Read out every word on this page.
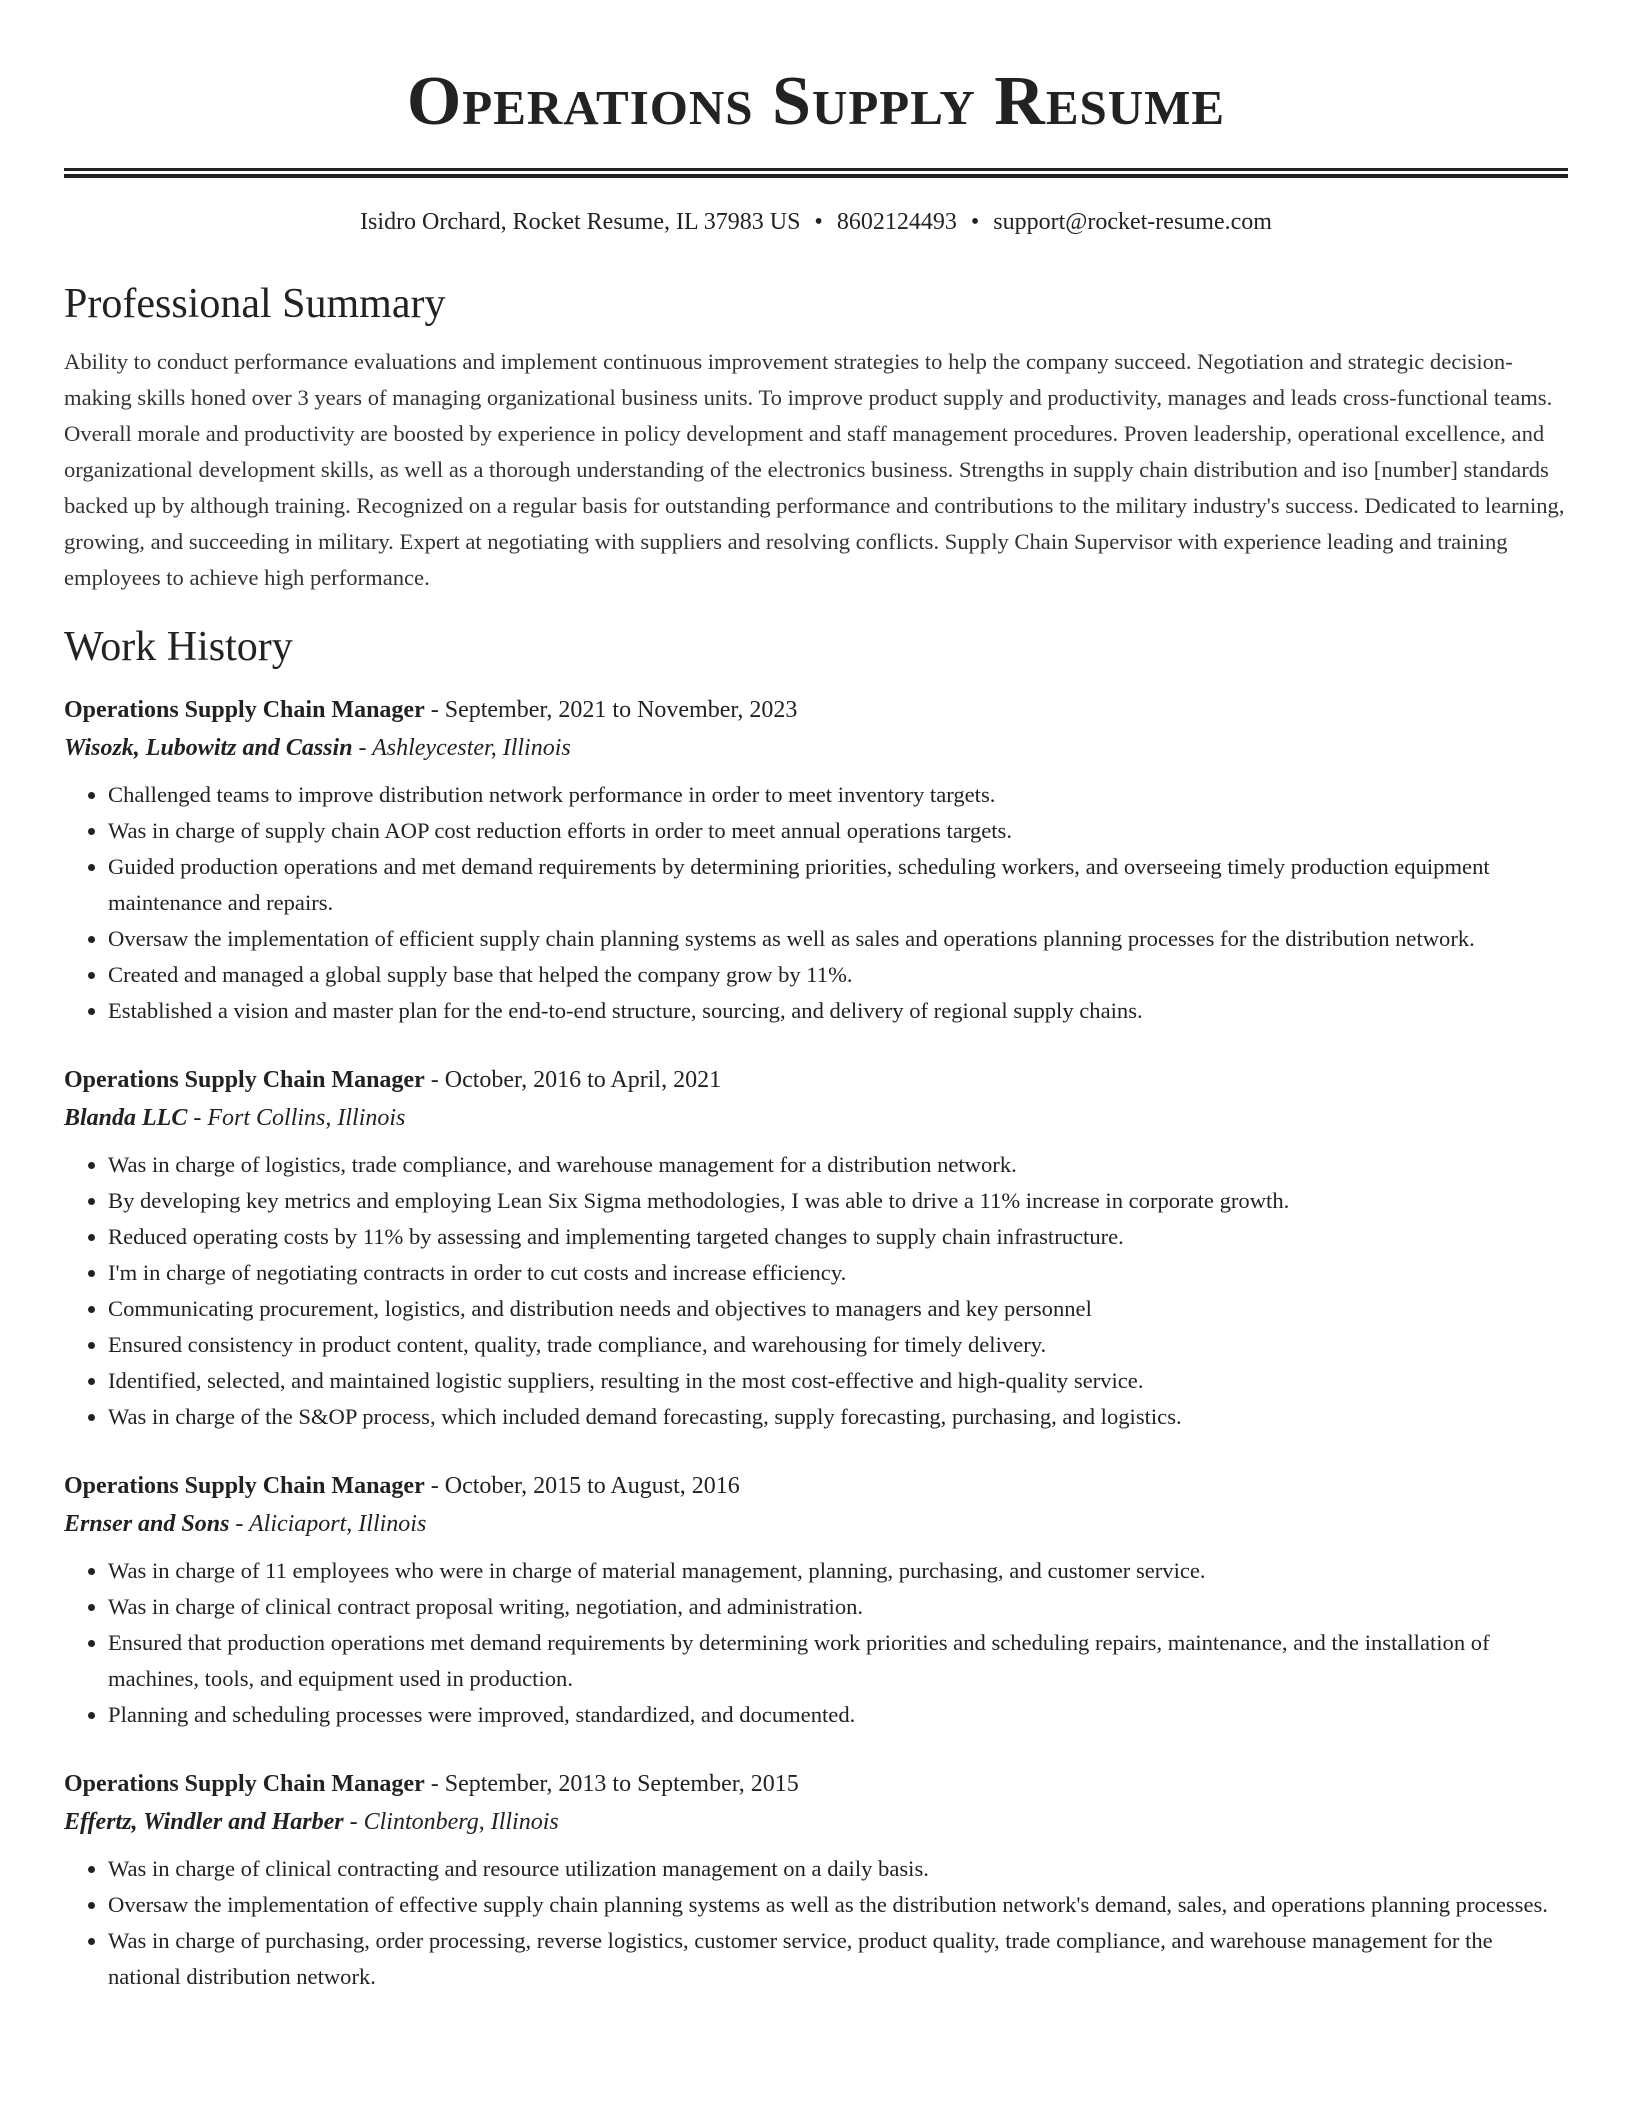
Operations Supply Resume
Isidro Orchard, Rocket Resume, IL 37983 US • 8602124493 • support@rocket-resume.com
Professional Summary

Ability to conduct performance evaluations and implement continuous improvement strategies to help the company succeed. Negotiation and strategic decision-making skills honed over 3 years of managing organizational business units. To improve product supply and productivity, manages and leads cross-functional teams. Overall morale and productivity are boosted by experience in policy development and staff management procedures. Proven leadership, operational excellence, and organizational development skills, as well as a thorough understanding of the electronics business. Strengths in supply chain distribution and iso [number] standards backed up by although training. Recognized on a regular basis for outstanding performance and contributions to the military industry's success. Dedicated to learning, growing, and succeeding in military. Expert at negotiating with suppliers and resolving conflicts. Supply Chain Supervisor with experience leading and training employees to achieve high performance.

Work History
Operations Supply Chain Manager - September, 2021 to November, 2023
Wisozk, Lubowitz and Cassin - Ashleycester, Illinois
• Challenged teams to improve distribution network performance in order to meet inventory targets.
• Was in charge of supply chain AOP cost reduction efforts in order to meet annual operations targets.
• Guided production operations and met demand requirements by determining priorities, scheduling workers, and overseeing timely production equipment maintenance and repairs.
• Oversaw the implementation of efficient supply chain planning systems as well as sales and operations planning processes for the distribution network.
• Created and managed a global supply base that helped the company grow by 11%.
• Established a vision and master plan for the end-to-end structure, sourcing, and delivery of regional supply chains.
Operations Supply Chain Manager - October, 2016 to April, 2021
Blanda LLC - Fort Collins, Illinois
• Was in charge of logistics, trade compliance, and warehouse management for a distribution network.
• By developing key metrics and employing Lean Six Sigma methodologies, I was able to drive a 11% increase in corporate growth.
• Reduced operating costs by 11% by assessing and implementing targeted changes to supply chain infrastructure.
• I'm in charge of negotiating contracts in order to cut costs and increase efficiency.
• Communicating procurement, logistics, and distribution needs and objectives to managers and key personnel
• Ensured consistency in product content, quality, trade compliance, and warehousing for timely delivery.
• Identified, selected, and maintained logistic suppliers, resulting in the most cost-effective and high-quality service.
• Was in charge of the S&OP process, which included demand forecasting, supply forecasting, purchasing, and logistics.
Operations Supply Chain Manager - October, 2015 to August, 2016
Ernser and Sons - Aliciaport, Illinois
• Was in charge of 11 employees who were in charge of material management, planning, purchasing, and customer service.
• Was in charge of clinical contract proposal writing, negotiation, and administration.
• Ensured that production operations met demand requirements by determining work priorities and scheduling repairs, maintenance, and the installation of machines, tools, and equipment used in production.
• Planning and scheduling processes were improved, standardized, and documented.
Operations Supply Chain Manager - September, 2013 to September, 2015
Effertz, Windler and Harber - Clintonberg, Illinois
• Was in charge of clinical contracting and resource utilization management on a daily basis.
• Oversaw the implementation of effective supply chain planning systems as well as the distribution network's demand, sales, and operations planning processes.
• Was in charge of purchasing, order processing, reverse logistics, customer service, product quality, trade compliance, and warehouse management for the national distribution network.
